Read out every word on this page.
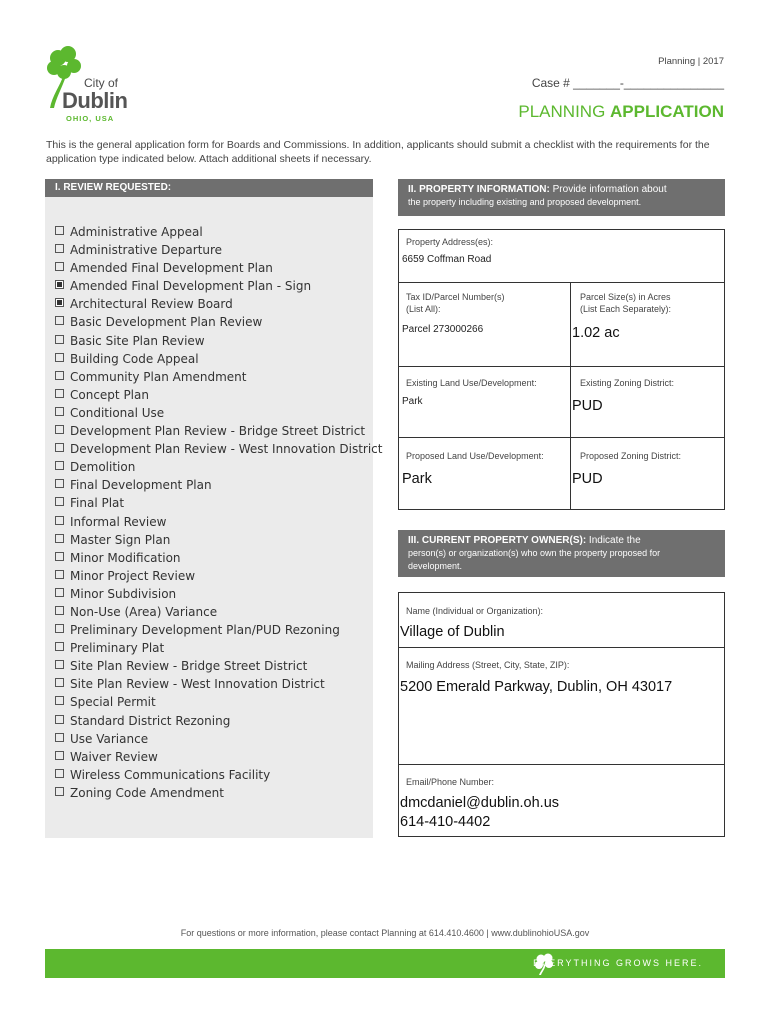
City of
Dublin
OHIO, USA
Planning | 2017
Case # _______-_______________
PLANNING APPLICATION
This is the general application form for Boards and Commissions. In addition, applicants should submit a checklist with the requirements for the application type indicated below. Attach additional sheets if necessary.
I. REVIEW REQUESTED:
Administrative Appeal
Administrative Departure
Amended Final Development Plan
Amended Final Development Plan - Sign
Architectural Review Board
Basic Development Plan Review
Basic Site Plan Review
Building Code Appeal
Community Plan Amendment
Concept Plan
Conditional Use
Development Plan Review - Bridge Street District
Development Plan Review - West Innovation District
Demolition
Final Development Plan
Final Plat
Informal Review
Master Sign Plan
Minor Modification
Minor Project Review
Minor Subdivision
Non-Use (Area) Variance
Preliminary Development Plan/PUD Rezoning
Preliminary Plat
Site Plan Review - Bridge Street District
Site Plan Review - West Innovation District
Special Permit
Standard District Rezoning
Use Variance
Waiver Review
Wireless Communications Facility
Zoning Code Amendment
II. PROPERTY INFORMATION: Provide information about
the property including existing and proposed development.
Property Address(es):
6659 Coffman Road
Tax ID/Parcel Number(s)
(List All):
Parcel 273000266
Parcel Size(s) in Acres
(List Each Separately):
1.02 ac
Existing Land Use/Development:
Park
Existing Zoning District:
PUD
Proposed Land Use/Development:
Park
Proposed Zoning District:
PUD
III. CURRENT PROPERTY OWNER(S): Indicate the
person(s) or organization(s) who own the property proposed for development.
Name (Individual or Organization):
Village of Dublin
Mailing Address (Street, City, State, ZIP):
5200 Emerald Parkway, Dublin, OH 43017
Email/Phone Number:
dmcdaniel@dublin.oh.us
614-410-4402
For questions or more information, please contact Planning at 614.410.4600 | www.dublinohioUSA.gov
EVERYTHING GROWS HERE.
